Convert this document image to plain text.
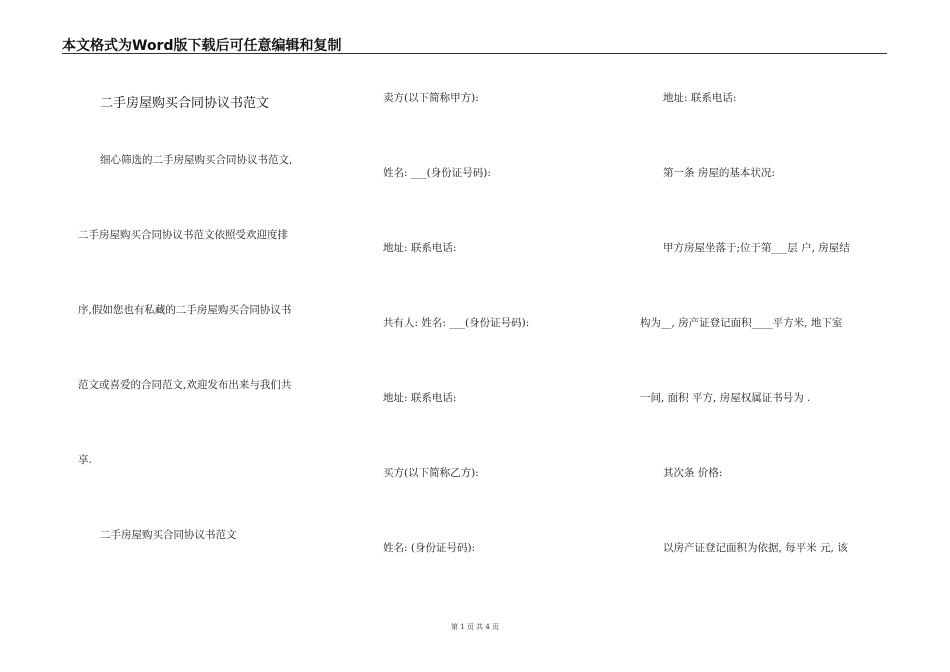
本文格式为Word版下载后可任意编辑和复制
二手房屋购买合同协议书范文
细心筛选的二手房屋购买合同协议书范文,
二手房屋购买合同协议书范文依照受欢迎度排
序,假如您也有私藏的二手房屋购买合同协议书
范文或喜爱的合同范文,欢迎发布出来与我们共
享.
二手房屋购买合同协议书范文
卖方(以下简称甲方):
姓名: ___(身份证号码):
地址: 联系电话:
共有人: 姓名: ___(身份证号码):
地址: 联系电话:
买方(以下简称乙方):
姓名: (身份证号码):
地址: 联系电话:
第一条 房屋的基本状况:
甲方房屋坐落于;位于第___层 户, 房屋结
构为__, 房产证登记面积____平方米, 地下室
一间, 面积 平方, 房屋权属证书号为 .
其次条 价格:
以房产证登记面积为依据, 每平米 元, 该
第 1 页 共 4 页
